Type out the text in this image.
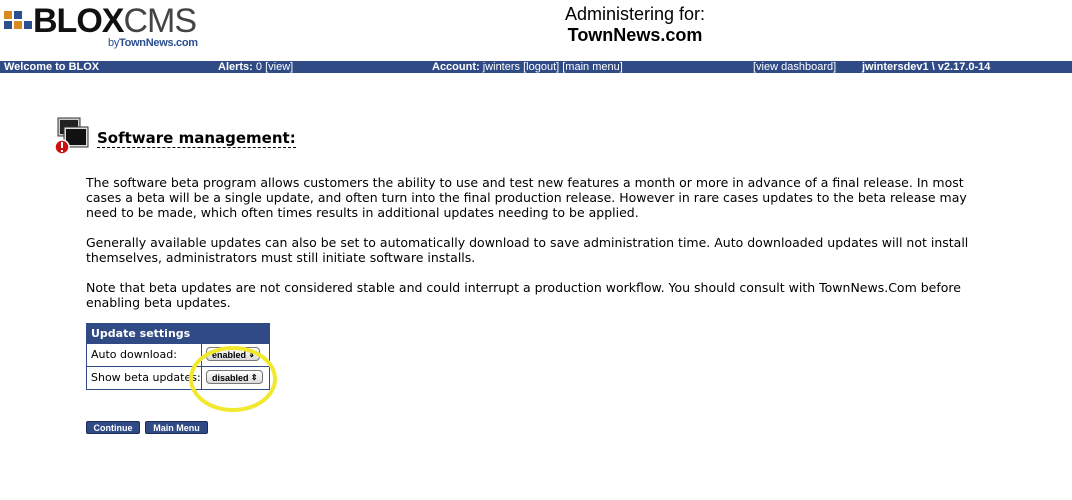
BLOXCMS
byTownNews.com
Administering for:
TownNews.com
Welcome to BLOX	Alerts: 0 [view]	Account: jwinters [logout] [main menu]	[view dashboard] jwintersdev1 \ v2.17.0-14
Software management:
The software beta program allows customers the ability to use and test new features a month or more in advance of a final release. In most cases a beta will be a single update, and often turn into the final production release. However in rare cases updates to the beta release may need to be made, which often times results in additional updates needing to be applied.
Generally available updates can also be set to automatically download to save administration time. Auto downloaded updates will not install themselves, administrators must still initiate software installs.
Note that beta updates are not considered stable and could interrupt a production workflow. You should consult with TownNews.Com before enabling beta updates.
Update settings
Auto download:	enabled ⇕
Show beta updates:	disabled ⇕
Continue	Main Menu
